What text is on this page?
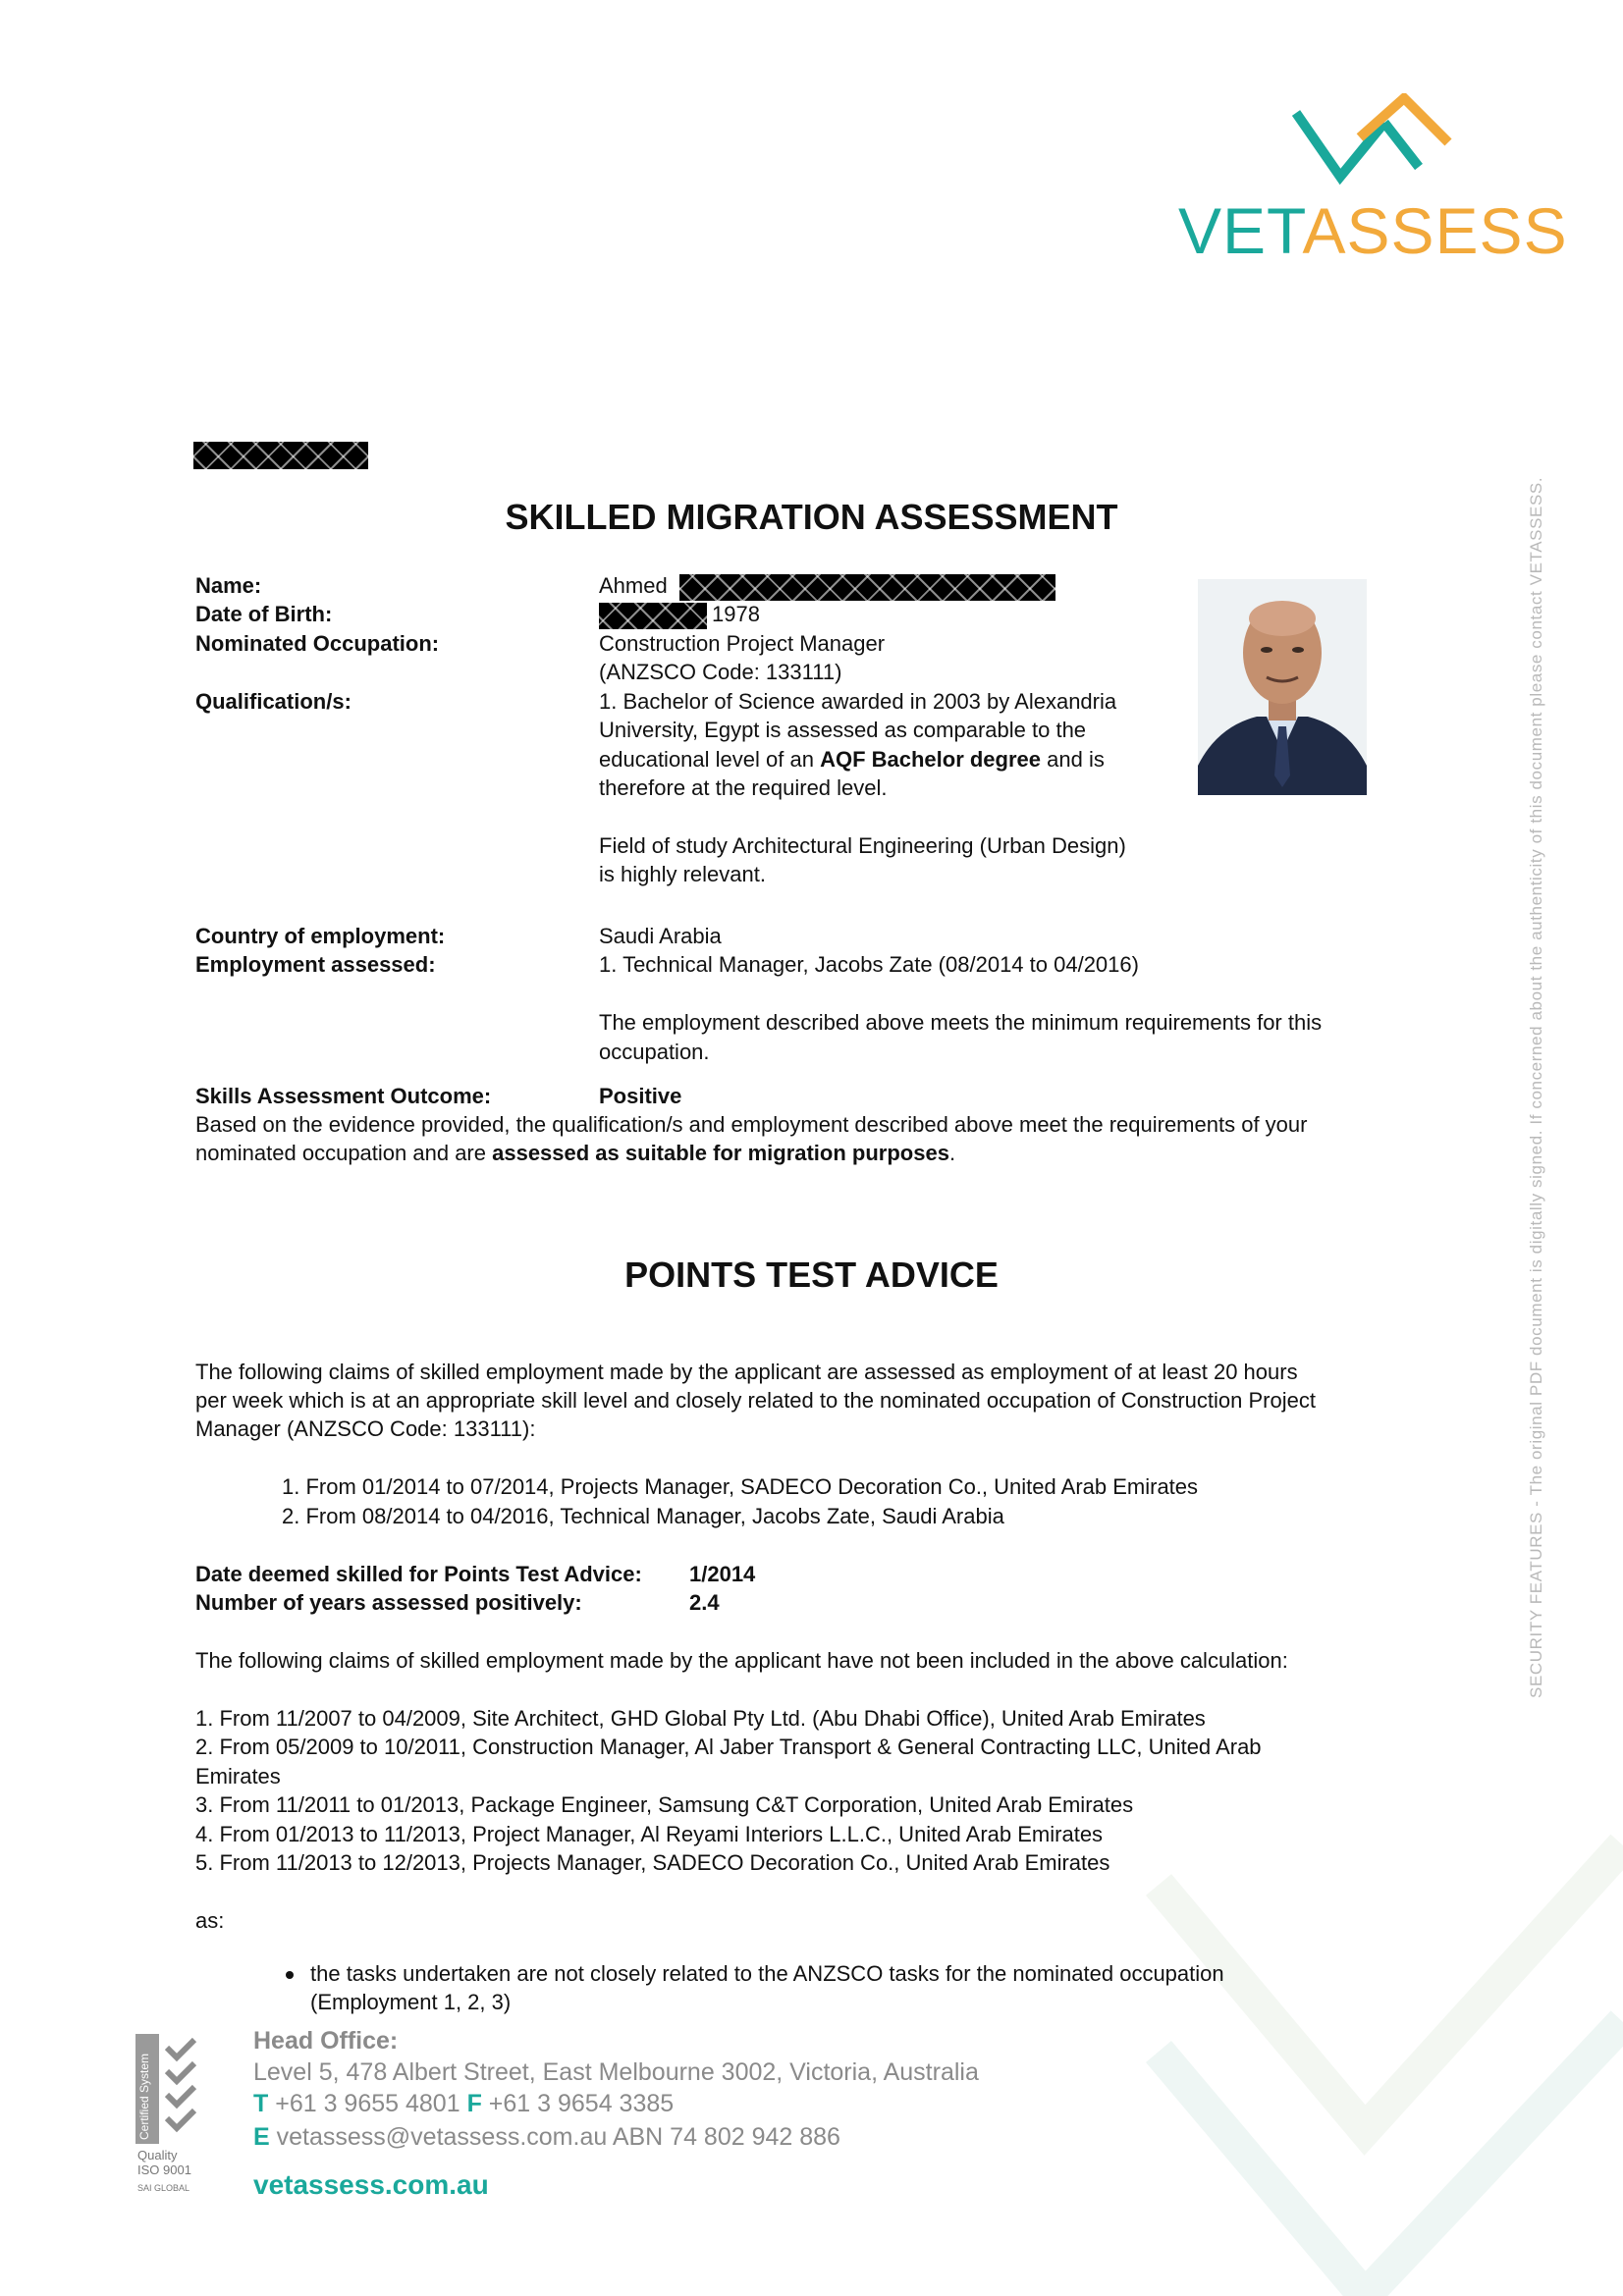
VETASSESS
SKILLED MIGRATION ASSESSMENT
Name:	Ahmed
Date of Birth:	1978
Nominated Occupation:	Construction Project Manager
(ANZSCO Code: 133111)
Qualification/s:	1. Bachelor of Science awarded in 2003 by Alexandria
University, Egypt is assessed as comparable to the
educational level of an AQF Bachelor degree and is
therefore at the required level.
Field of study Architectural Engineering (Urban Design)
is highly relevant.
Country of employment:	Saudi Arabia
Employment assessed:	1. Technical Manager, Jacobs Zate (08/2014 to 04/2016)
The employment described above meets the minimum requirements for this
occupation.
Skills Assessment Outcome:	Positive
Based on the evidence provided, the qualification/s and employment described above meet the requirements of your
nominated occupation and are assessed as suitable for migration purposes.
POINTS TEST ADVICE
The following claims of skilled employment made by the applicant are assessed as employment of at least 20 hours
per week which is at an appropriate skill level and closely related to the nominated occupation of Construction Project
Manager (ANZSCO Code: 133111):
1. From 01/2014 to 07/2014, Projects Manager, SADECO Decoration Co., United Arab Emirates
2. From 08/2014 to 04/2016, Technical Manager, Jacobs Zate, Saudi Arabia
Date deemed skilled for Points Test Advice: 1/2014
Number of years assessed positively:	2.4
The following claims of skilled employment made by the applicant have not been included in the above calculation:
1. From 11/2007 to 04/2009, Site Architect, GHD Global Pty Ltd. (Abu Dhabi Office), United Arab Emirates
2. From 05/2009 to 10/2011, Construction Manager, Al Jaber Transport & General Contracting LLC, United Arab
Emirates
3. From 11/2011 to 01/2013, Package Engineer, Samsung C&T Corporation, United Arab Emirates
4. From 01/2013 to 11/2013, Project Manager, Al Reyami Interiors L.L.C., United Arab Emirates
5. From 11/2013 to 12/2013, Projects Manager, SADECO Decoration Co., United Arab Emirates
as:
the tasks undertaken are not closely related to the ANZSCO tasks for the nominated occupation
(Employment 1, 2, 3)
SECURITY FEATURES - The original PDF document is digitally signed. If concerned about the authenticity of this document please contact VETASSESS.
Certified System
Quality
ISO 9001
SAI GLOBAL
Head Office:
Level 5, 478 Albert Street, East Melbourne 3002, Victoria, Australia
T +61 3 9655 4801 F +61 3 9654 3385
E vetassess@vetassess.com.au ABN 74 802 942 886
vetassess.com.au
